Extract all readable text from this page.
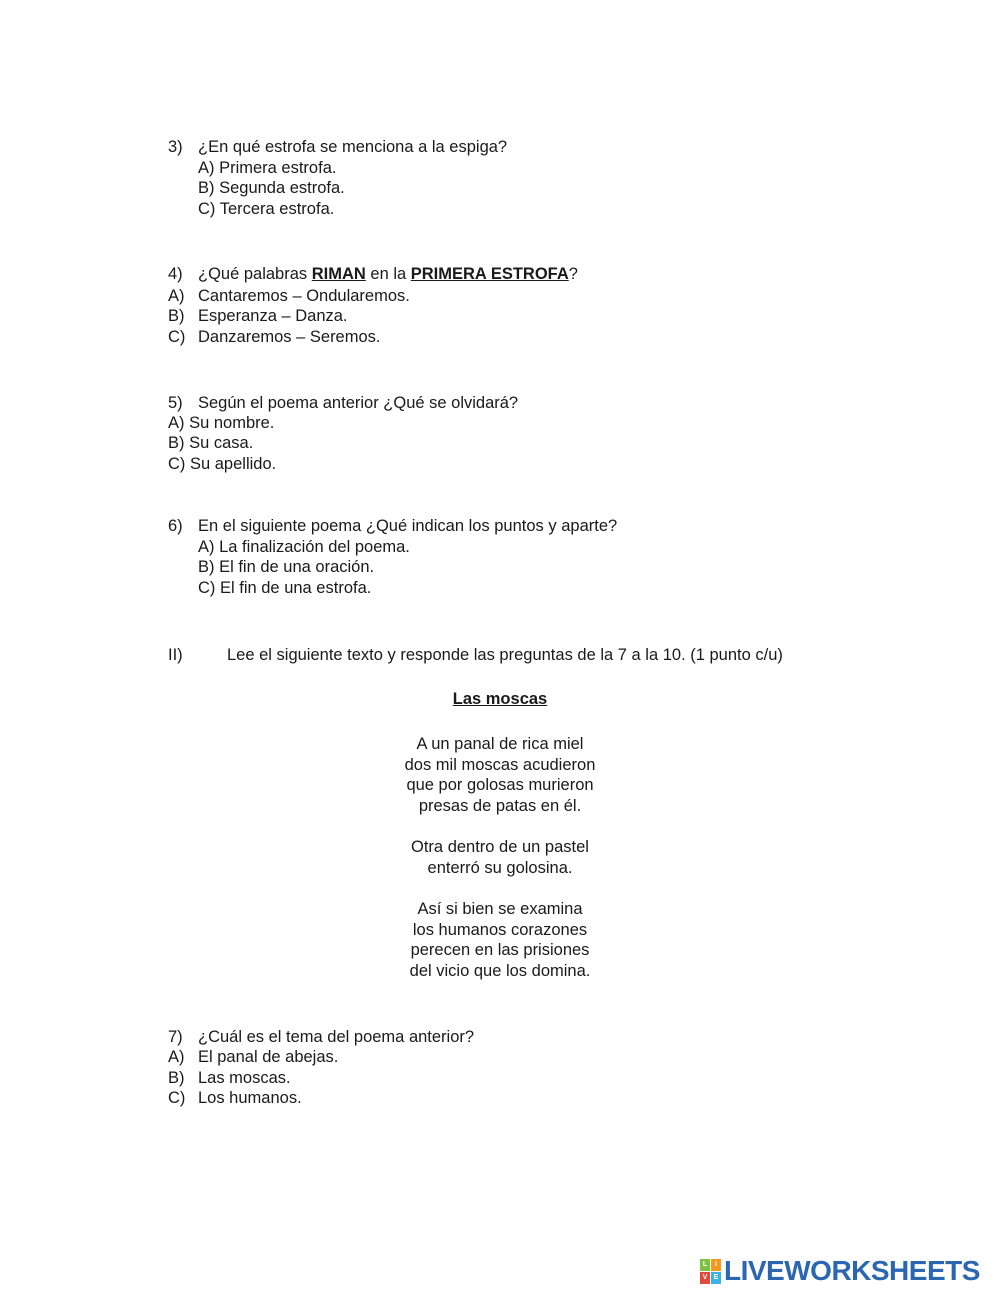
3) ¿En qué estrofa se menciona a la espiga?
A) Primera estrofa.
B) Segunda estrofa.
C) Tercera estrofa.
4) ¿Qué palabras RIMAN en la PRIMERA ESTROFA?
A) Cantaremos – Ondularemos.
B) Esperanza – Danza.
C) Danzaremos – Seremos.
5) Según el poema anterior ¿Qué se olvidará?
A) Su nombre.
B) Su casa.
C) Su apellido.
6) En el siguiente poema ¿Qué indican los puntos y aparte?
A) La finalización del poema.
B) El fin de una oración.
C) El fin de una estrofa.
II)	Lee el siguiente texto y responde las preguntas de la 7 a la 10. (1 punto c/u)
Las moscas
A un panal de rica miel
dos mil moscas acudieron
que por golosas murieron
presas de patas en él.
Otra dentro de un pastel
enterró su golosina.
Así si bien se examina
los humanos corazones
perecen en las prisiones
del vicio que los domina.
7) ¿Cuál es el tema del poema anterior?
A) El panal de abejas.
B) Las moscas.
C) Los humanos.
L	I
V E LIVEWORKSHEETS
